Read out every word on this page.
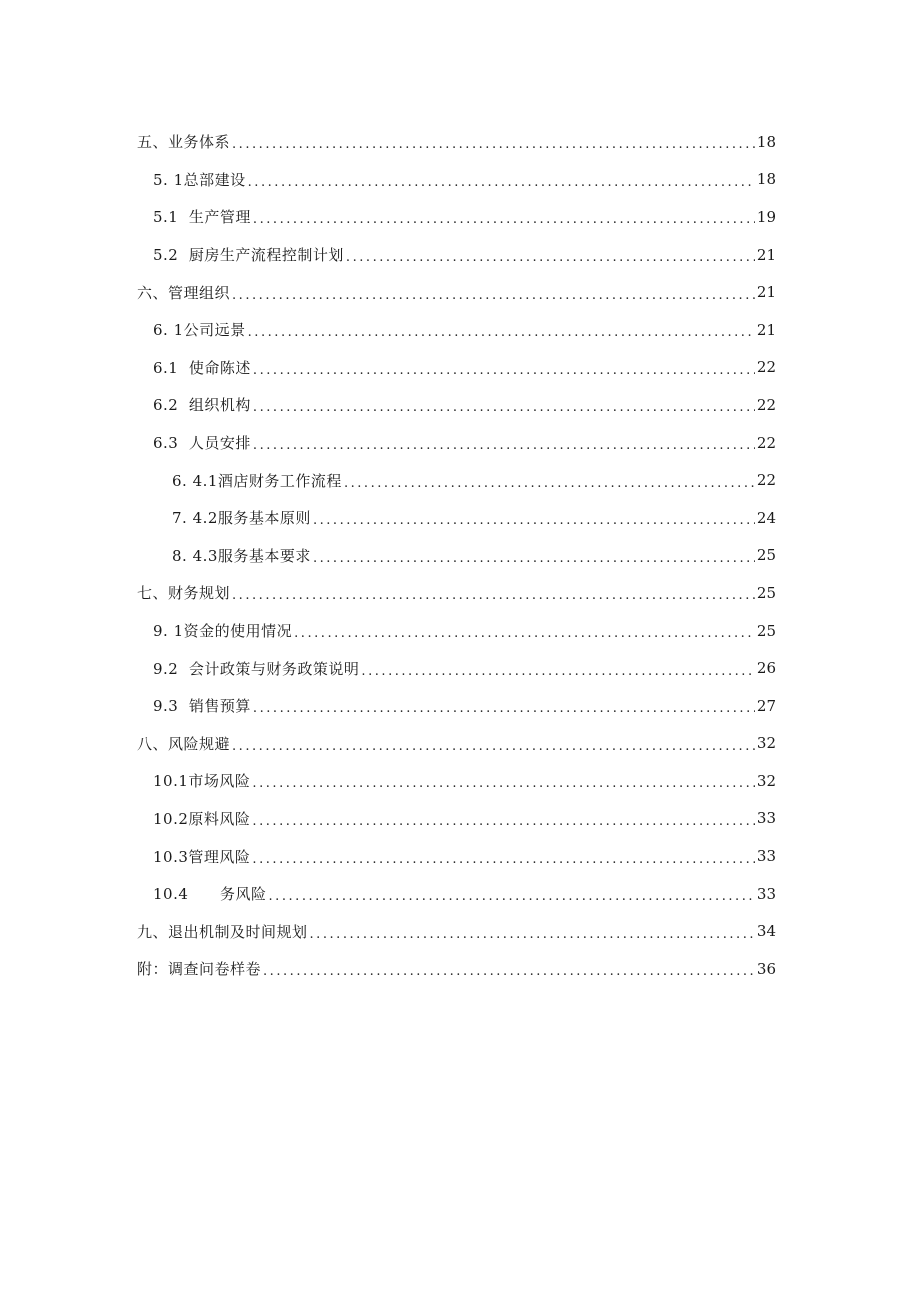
五、业务体系 . . .	18
5. 1总部建设 . . .	18
5.1  生产管理 . . .	19
5.2  厨房生产流程控制计划 . . .	21
六、管理组织 . . .	21
6. 1公司远景 . . .	21
6.1  使命陈述 . . .	22
6.2  组织机构 . . .	22
6.3  人员安排 . . .	22
6. 4.1酒店财务工作流程 . . .	22
7. 4.2服务基本原则 . . .	24
8. 4.3服务基本要求 . . .	25
七、财务规划 . . .	25
9. 1资金的使用情况 . . .	25
9.2  会计政策与财务政策说明 . . .	26
9.3  销售预算 . . .	27
八、风险规避 . . .	32
10.1市场风险 . . .	32
10.2原料风险 . . .	33
10.3管理风险 . . .	33
10.4      务风险 . . .	33
九、退出机制及时间规划 . . .	34
附：调查问卷样卷 . . .	36
